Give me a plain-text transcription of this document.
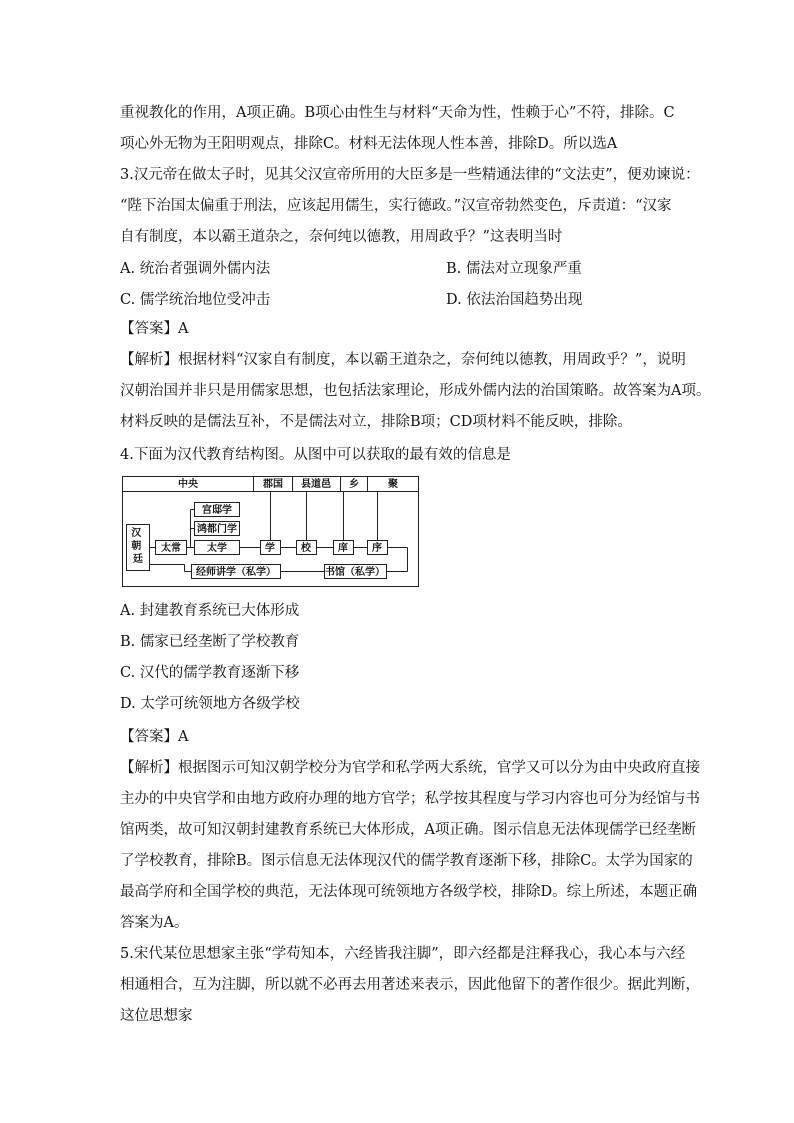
重视教化的作用，A项正确。B项心由性生与材料“天命为性，性赖于心”不符，排除。C
项心外无物为王阳明观点，排除C。材料无法体现人性本善，排除D。所以选A
3.汉元帝在做太子时，见其父汉宣帝所用的大臣多是一些精通法律的“文法吏”，便劝谏说：
“陛下治国太偏重于刑法，应该起用儒生，实行德政。”汉宣帝勃然变色，斥责道：“汉家
自有制度，本以霸王道杂之，奈何纯以德教，用周政乎？”这表明当时
A. 统治者强调外儒内法	B. 儒法对立现象严重
C. 儒学统治地位受冲击	D. 依法治国趋势出现
【答案】A
【解析】根据材料“汉家自有制度，本以霸王道杂之，奈何纯以德教，用周政乎？”，说明
汉朝治国并非只是用儒家思想，也包括法家理论，形成外儒内法的治国策略。故答案为A项。
材料反映的是儒法互补，不是儒法对立，排除B项；CD项材料不能反映，排除。
4.下面为汉代教育结构图。从图中可以获取的最有效的信息是
中央	郡国 县道邑 乡	聚
汉 朝 廷
太常
宫邸学
鸿都门学
太学	学	校	庠 序
经师讲学（私学）	书馆（私学）
A. 封建教育系统已大体形成
B. 儒家已经垄断了学校教育
C. 汉代的儒学教育逐渐下移
D. 太学可统领地方各级学校
【答案】A
【解析】根据图示可知汉朝学校分为官学和私学两大系统，官学又可以分为由中央政府直接
主办的中央官学和由地方政府办理的地方官学；私学按其程度与学习内容也可分为经馆与书
馆两类，故可知汉朝封建教育系统已大体形成，A项正确。图示信息无法体现儒学已经垄断
了学校教育，排除B。图示信息无法体现汉代的儒学教育逐渐下移，排除C。太学为国家的
最高学府和全国学校的典范，无法体现可统领地方各级学校，排除D。综上所述，本题正确
答案为A。
5.宋代某位思想家主张“学苟知本，六经皆我注脚”，即六经都是注释我心，我心本与六经
相通相合，互为注脚，所以就不必再去用著述来表示，因此他留下的著作很少。据此判断，
这位思想家
